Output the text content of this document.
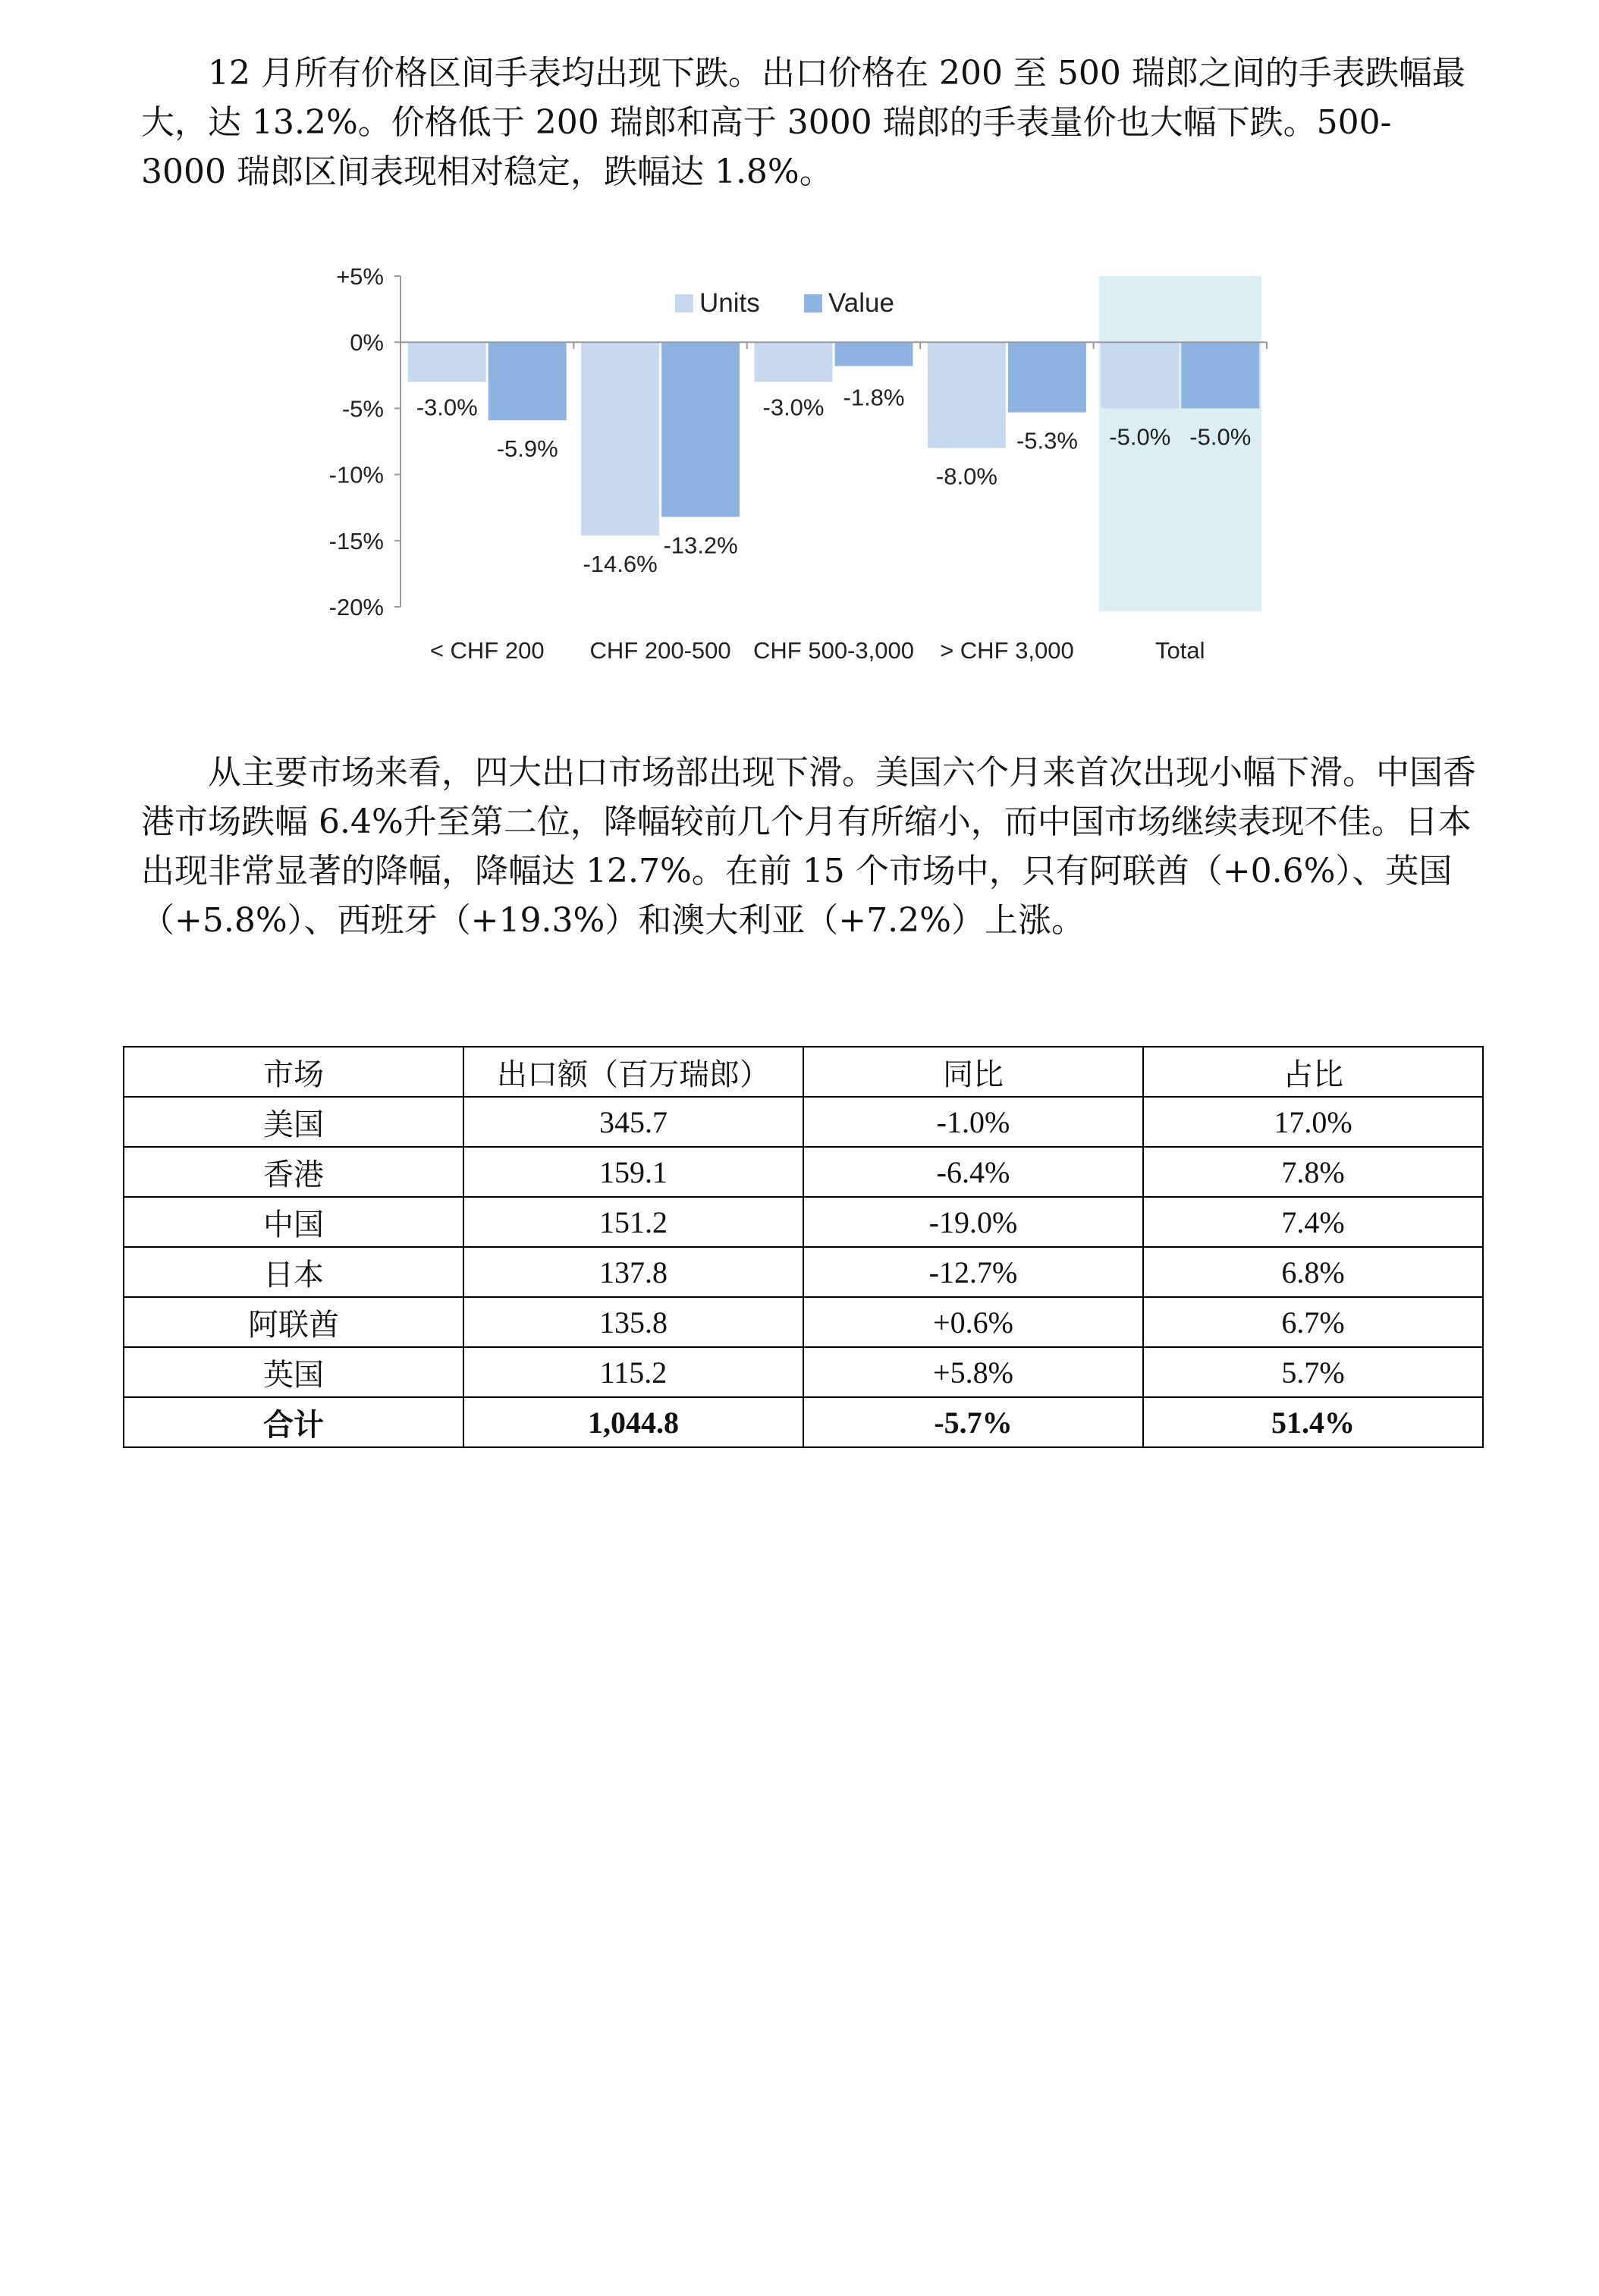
12 月所有价格区间手表均出现下跌。出口价格在 200 至 500 瑞郎之间的手表跌幅最大，达 13.2%。价格低于 200 瑞郎和高于 3000 瑞郎的手表量价也大幅下跌。500-3000 瑞郎区间表现相对稳定，跌幅达 1.8%。

-3.0%
-14.6%
-3.0%
-8.0%
-5.0%
-5.9%
-13.2%
-1.8%
-5.3%	-5.0%
+5%
0%
-5%
-10%
-15%
-20%
< CHF 200 CHF 200-500 CHF 500-3,000 > CHF 3,000	Total
Units	Value

从主要市场来看，四大出口市场部出现下滑。美国六个月来首次出现小幅下滑。中国香港市场跌幅 6.4%升至第二位，降幅较前几个月有所缩小，而中国市场继续表现不佳。日本出现非常显著的降幅，降幅达 12.7%。在前 15 个市场中，只有阿联酋（+0.6%）、英国（+5.8%）、西班牙（+19.3%）和澳大利亚（+7.2%）上涨。

市场	出口额（百万瑞郎）	同比	占比
美国	345.7	-1.0%	17.0%
香港	159.1	-6.4%	7.8%
中国	151.2	-19.0%	7.4%
日本	137.8	-12.7%	6.8%
阿联酋	135.8	+0.6%	6.7%
英国	115.2	+5.8%	5.7%
合计	1,044.8	-5.7%	51.4%
